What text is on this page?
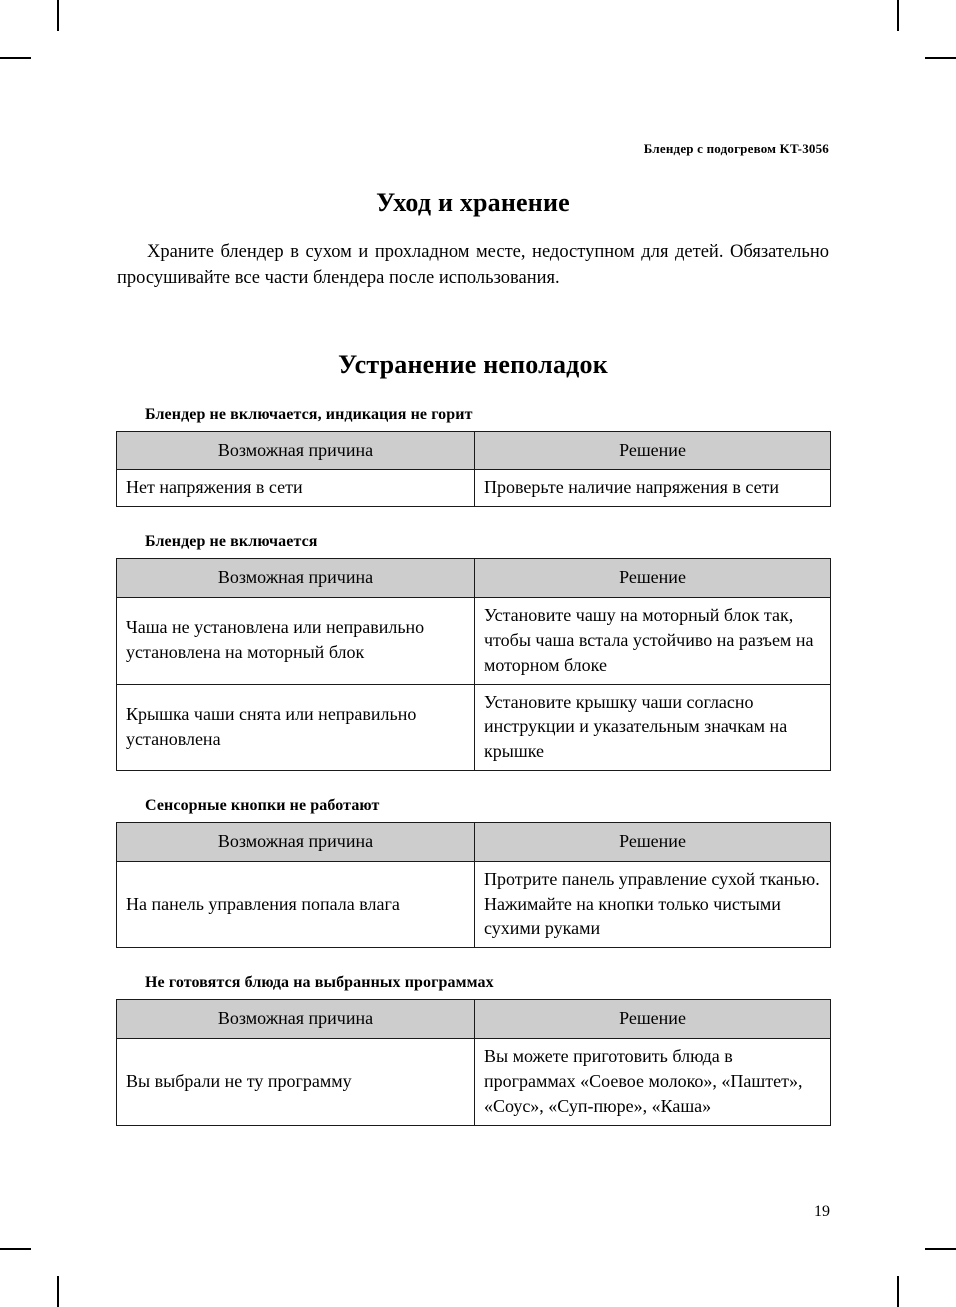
Блендер с подогревом KT-3056
Уход и хранение

Храните блендер в сухом и прохладном месте, недоступном для детей. Обязательно просушивайте все части блендера после использования.

Устранение неполадок
Блендер не включается, индикация не горит
Возможная причина	Решение
Нет напряжения в сети	Проверьте наличие напряжения в сети
Блендер не включается
Возможная причина	Решение
Чаша не установлена или неправильно установлена на моторный блок	Установите чашу на моторный блок так, чтобы чаша встала устойчиво на разъем на моторном блоке
Крышка чаши снята или неправильно установлена	Установите крышку чаши согласно инструкции и указательным значкам на крышке
Сенсорные кнопки не работают
Возможная причина	Решение
На панель управления попала влага	Протрите панель управление сухой тканью. Нажимайте на кнопки только чистыми сухими руками
Не готовятся блюда на выбранных программах
Возможная причина	Решение
Вы выбрали не ту программу	Вы можете приготовить блюда в программах «Соевое молоко», «Паштет», «Соус», «Суп-пюре», «Каша»
19
